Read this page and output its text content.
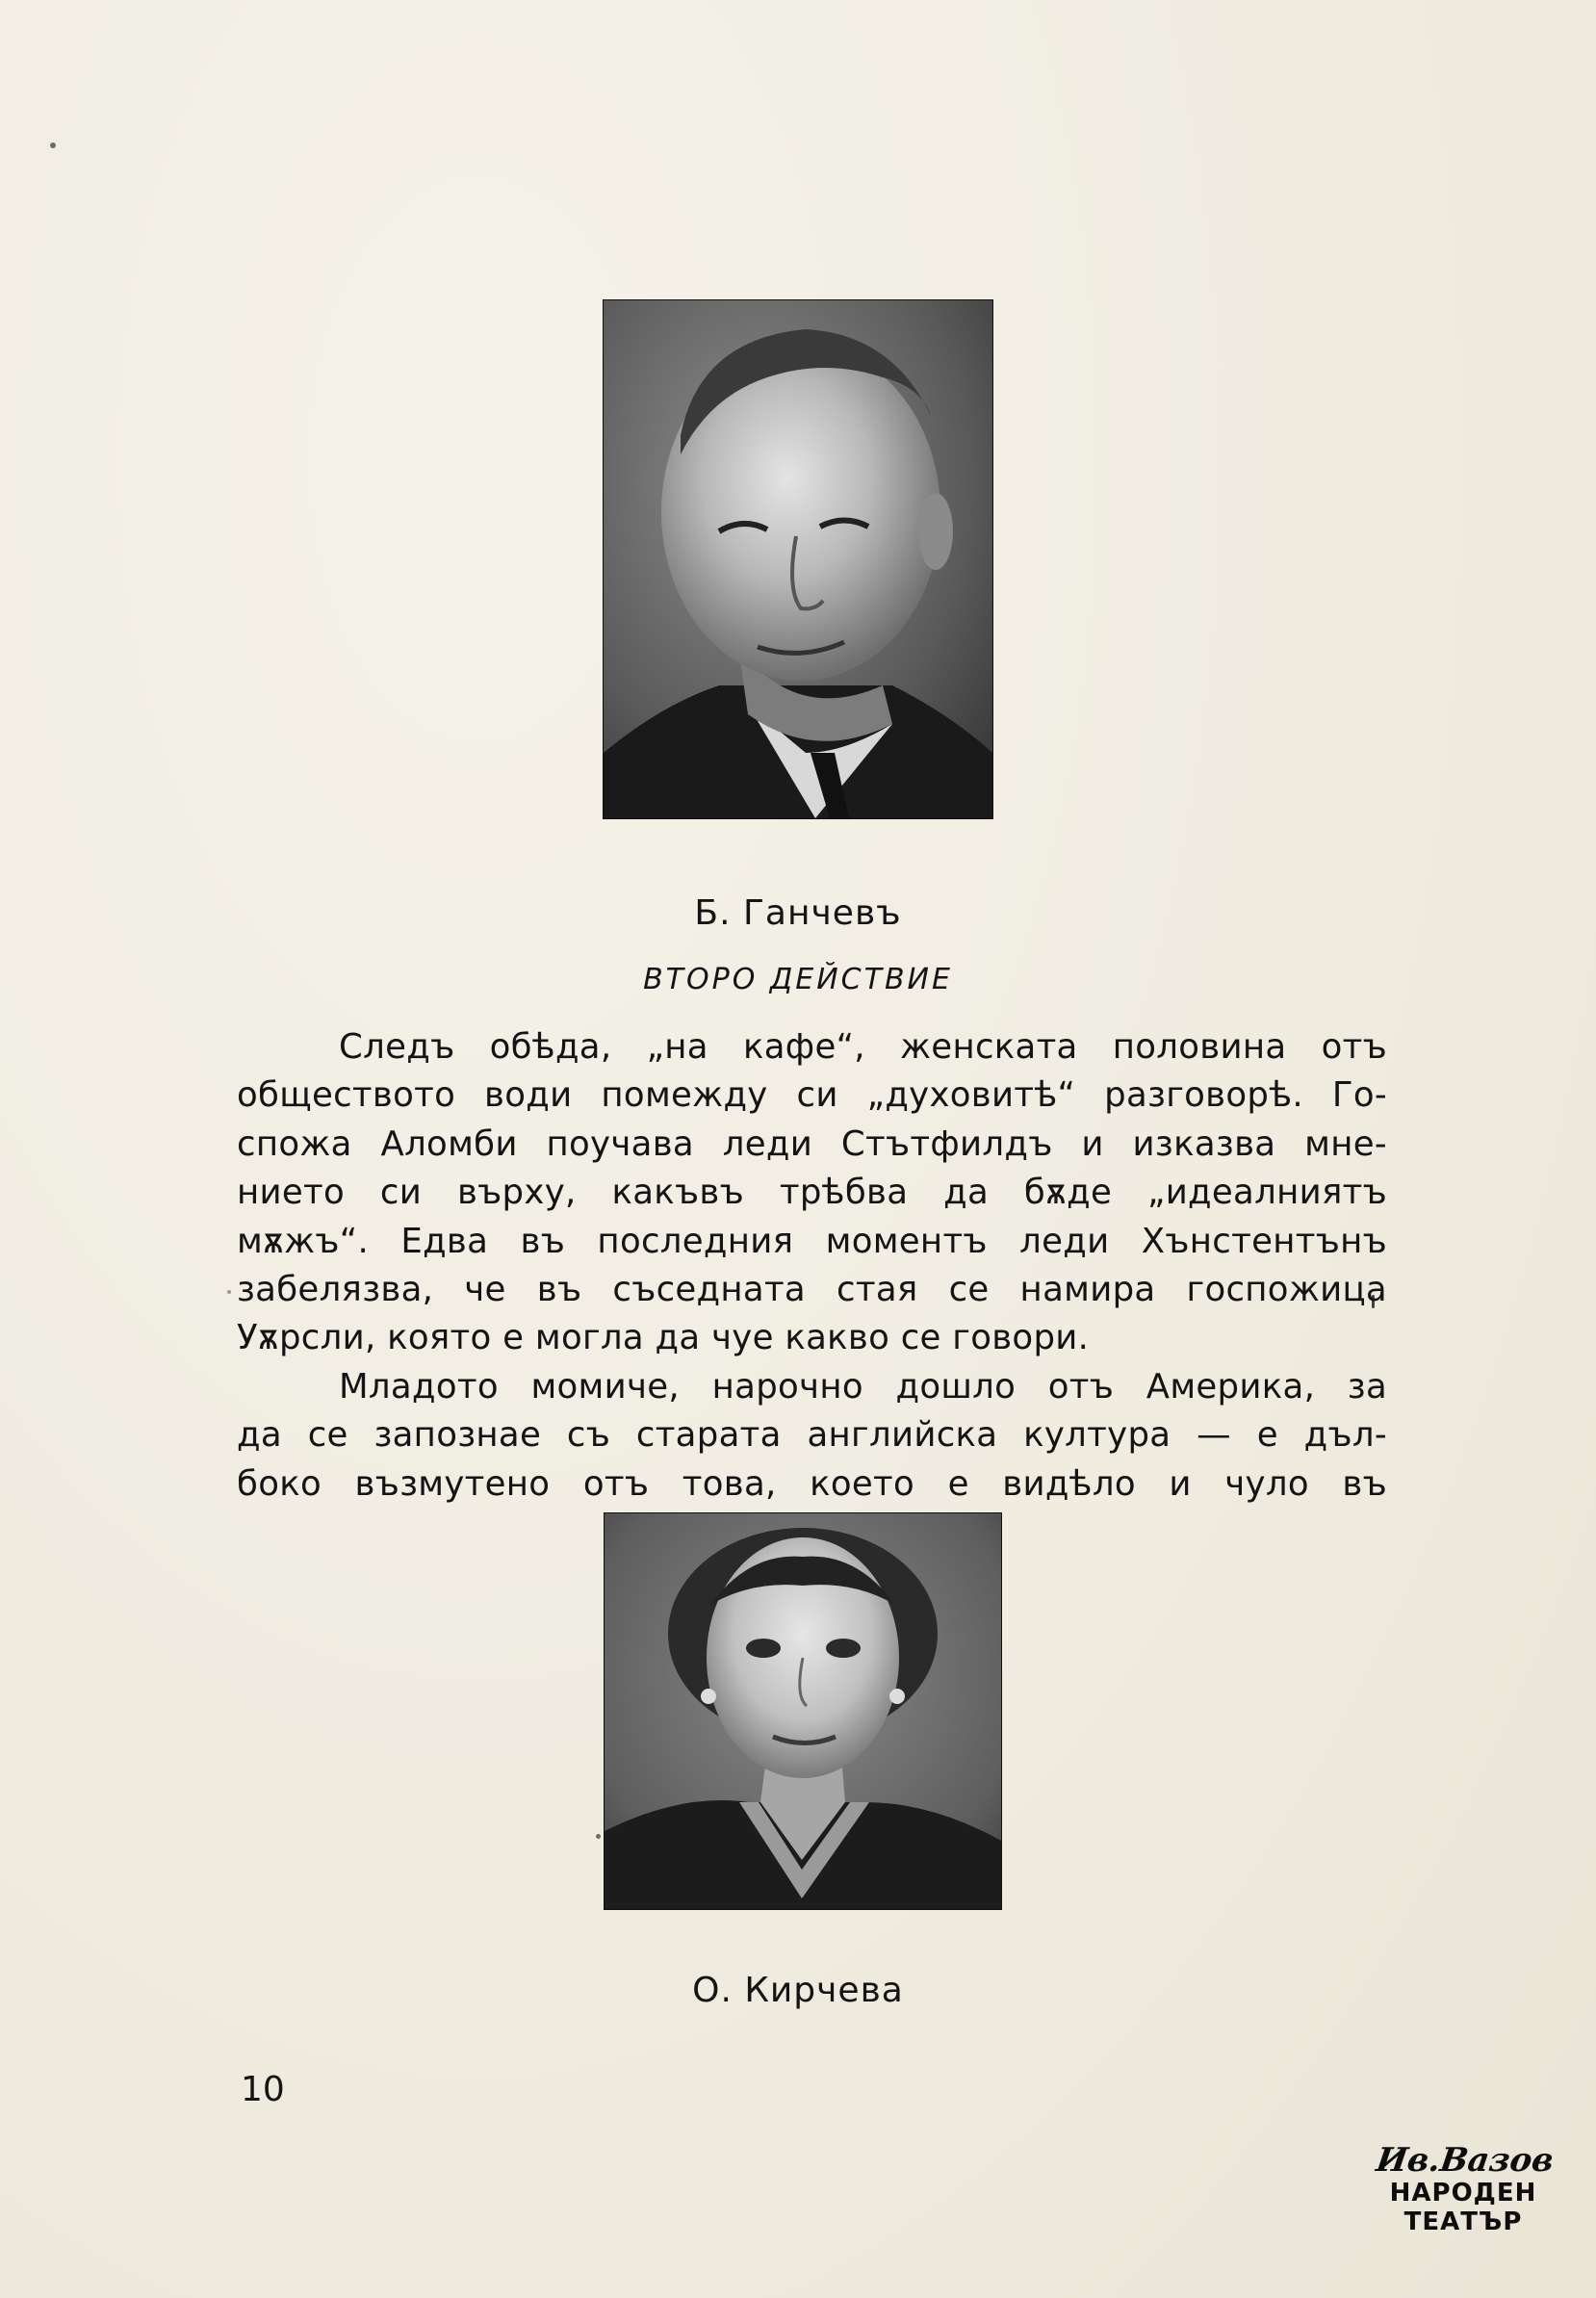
Б. Ганчевъ
ВТОРО ДЕЙСТВИЕ
Следъ обѣда, „на кафе“, женската половина отъ
обществото води помежду си „духовитѣ“ разговорѣ. Го-
спожа Аломби поучава леди Стътфилдъ и изказва мне-
нието си върху, какъвъ трѣбва да бѫде „идеалниятъ
мѫжъ“. Едва въ последния моментъ леди Хънстентънъ
забелязва, че въ съседната стая се намира госпожица
Уѫрсли, която е могла да чуе какво се говори.
Младото момиче, нарочно дошло отъ Америка, за
да се запознае съ старата английска култура — е дъл-
боко възмутено отъ това, което е видѣло и чуло въ
О. Кирчева
10
Ив.Вазов
НАРОДЕН
ТЕАТЪР
